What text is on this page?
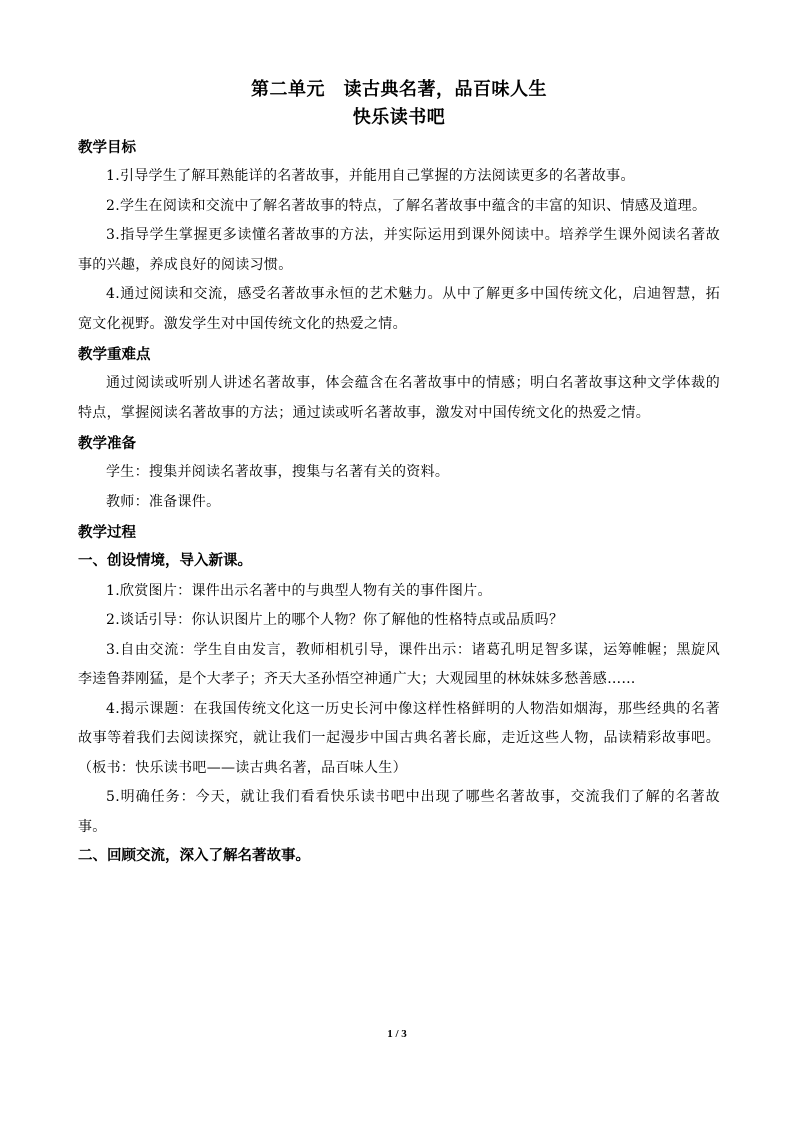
第二单元　读古典名著，品百味人生
快乐读书吧
教学目标
1.引导学生了解耳熟能详的名著故事，并能用自己掌握的方法阅读更多的名著故事。
2.学生在阅读和交流中了解名著故事的特点，了解名著故事中蕴含的丰富的知识、情感及道理。
3.指导学生掌握更多读懂名著故事的方法，并实际运用到课外阅读中。培养学生课外阅读名著故事的兴趣，养成良好的阅读习惯。
4.通过阅读和交流，感受名著故事永恒的艺术魅力。从中了解更多中国传统文化，启迪智慧，拓宽文化视野。激发学生对中国传统文化的热爱之情。
教学重难点
通过阅读或听别人讲述名著故事，体会蕴含在名著故事中的情感；明白名著故事这种文学体裁的特点，掌握阅读名著故事的方法；通过读或听名著故事，激发对中国传统文化的热爱之情。
教学准备
学生：搜集并阅读名著故事，搜集与名著有关的资料。
教师：准备课件。
教学过程
一、创设情境，导入新课。
1.欣赏图片：课件出示名著中的与典型人物有关的事件图片。
2.谈话引导：你认识图片上的哪个人物？你了解他的性格特点或品质吗？
3.自由交流：学生自由发言，教师相机引导，课件出示：诸葛孔明足智多谋，运筹帷幄；黑旋风李逵鲁莽刚猛，是个大孝子；齐天大圣孙悟空神通广大；大观园里的林妹妹多愁善感……
4.揭示课题：在我国传统文化这一历史长河中像这样性格鲜明的人物浩如烟海，那些经典的名著故事等着我们去阅读探究，就让我们一起漫步中国古典名著长廊，走近这些人物，品读精彩故事吧。（板书：快乐读书吧——读古典名著，品百味人生）
5.明确任务：今天，就让我们看看快乐读书吧中出现了哪些名著故事，交流我们了解的名著故事。
二、回顾交流，深入了解名著故事。
1 / 3
